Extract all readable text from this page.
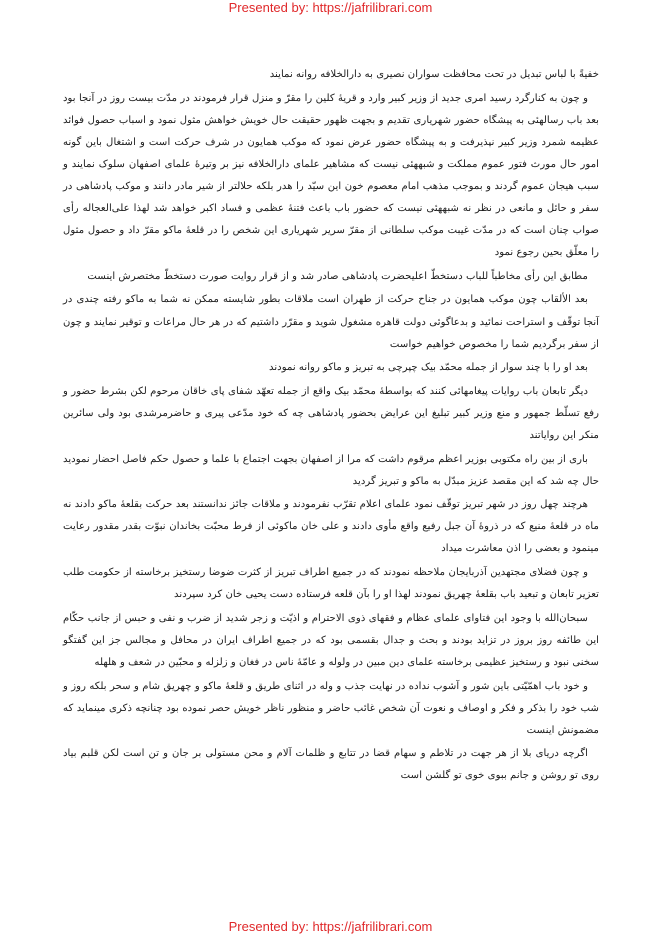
Presented by: https://jafrilibrari.com

خفیةً با لباس تبدیل در تحت محافظت سواران نصیری به دارالخلافه روانه نمایند

و چون به کنارگرد رسید امری جدید از وزیر کبیر وارد و قریهٔ کلین را مقرّ و منزل قرار فرمودند در مدّت بیست روز در آنجا بود بعد باب رسالهئی به پیشگاه حضور شهریاری تقدیم و بجهت ظهور حقیقت حال خویش خواهش مثول نمود و اسباب حصول فوائد عظیمه شمرد وزیر کبیر نپذیرفت و به پیشگاه حضور عرض نمود که موکب همایون در شرف حرکت است و اشتغال باین گونه امور حال مورث فتور عموم مملکت و شبههئی نیست که مشاهیر علمای دارالخلافه نیز بر وتیرهٔ علمای اصفهان سلوک نمایند و سبب هیجان عموم گردند و بموجب مذهب امام معصوم خون این سیّد را هدر بلکه حلالتر از شیر مادر دانند و موکب پادشاهی در سفر و حائل و مانعی در نظر نه شبههئی نیست که حضور باب باعث فتنهٔ عظمی و فساد اکبر خواهد شد لهذا علی‌العجاله رأی صواب چنان است که در مدّت غیبت موکب سلطانی از مقرّ سریر شهریاری این شخص را در قلعهٔ ماکو مقرّ داد و حصول مثول را معلّق بحین رجوع نمود

مطابق این رأی مخاطباً للباب دستخطّ اعلیحضرت پادشاهی صادر شد و از قرار روایت صورت دستخطّ مختصرش اینست

بعد الألقاب چون موکب همایون در جناح حرکت از طهران است ملاقات بطور شایسته ممکن نه شما به ماکو رفته چندی در آنجا توقّف و استراحت نمائید و بدعاگوئی دولت قاهره مشغول شوید و مقرّر داشتیم که در هر حال مراعات و توقیر نمایند و چون از سفر برگردیم شما را مخصوص خواهیم خواست

بعد او را با چند سوار از جمله محمّد بیک چپرچی به تبریز و ماکو روانه نمودند

دیگر تابعان باب روایات پیغامهائی کنند که بواسطهٔ محمّد بیک واقع از جمله تعهّد شفای پای خاقان مرحوم لکن بشرط حضور و رفع تسلّط جمهور و منع وزیر کبیر تبلیغ این عرایض بحضور پادشاهی چه که خود مدّعی پیری و حاضرمرشدی بود ولی سائرین منکر این روایاتند

باری از بین راه مکتوبی بوزیر اعظم مرقوم داشت که مرا از اصفهان بجهت اجتماع با علما و حصول حکم فاصل احضار نمودید حال چه شد که این مقصد عزیز مبدّل به ماکو و تبریز گردید

هرچند چهل روز در شهر تبریز توقّف نمود علمای اعلام تقرّب نفرمودند و ملاقات جائز ندانستند بعد حرکت بقلعهٔ ماکو دادند نه ماه در قلعهٔ منیع که در ذروهٔ آن جبل رفیع واقع مأوی دادند و علی خان ماکوئی از فرط محبّت بخاندان نبوّت بقدر مقدور رعایت مینمود و بعضی را اذن معاشرت میداد

و چون فضلای مجتهدین آذربایجان ملاحظه نمودند که در جمیع اطراف تبریز از کثرت ضوضا رستخیز برخاسته از حکومت طلب تعزیر تابعان و تبعید باب بقلعهٔ چهریق نمودند لهذا او را بآن قلعه فرستاده دست یحیی خان کرد سپردند

سبحان‌الله با وجود این فتاوای علمای عظام و فقهای ذوی الاحترام و اذیّت و زجر شدید از ضرب و نفی و حبس از جانب حکّام این طائفه روز بروز در تزاید بودند و بحث و جدال بقسمی بود که در جمیع اطراف ایران در محافل و مجالس جز این گفتگو سخنی نبود و رستخیز عظیمی برخاسته علمای دین مبین در ولوله و عامّهٔ ناس در فغان و زلزله و محبّین در شعف و هلهله

و خود باب اهمّیّتی باین شور و آشوب نداده در نهایت جذب و وله در اثنای طریق و قلعهٔ ماکو و چهریق شام و سحر بلکه روز و شب خود را بذکر و فکر و اوصاف و نعوت آن شخص غائب حاضر و منظور ناظر خویش حصر نموده بود چنانچه ذکری مینماید که مضمونش اینست

اگرچه دریای بلا از هر جهت در تلاطم و سهام قضا در تتابع و ظلمات آلام و محن مستولی بر جان و تن است لکن قلبم بیاد روی تو روشن و جانم ببوی خوی تو گلشن است

Presented by: https://jafrilibrari.com
